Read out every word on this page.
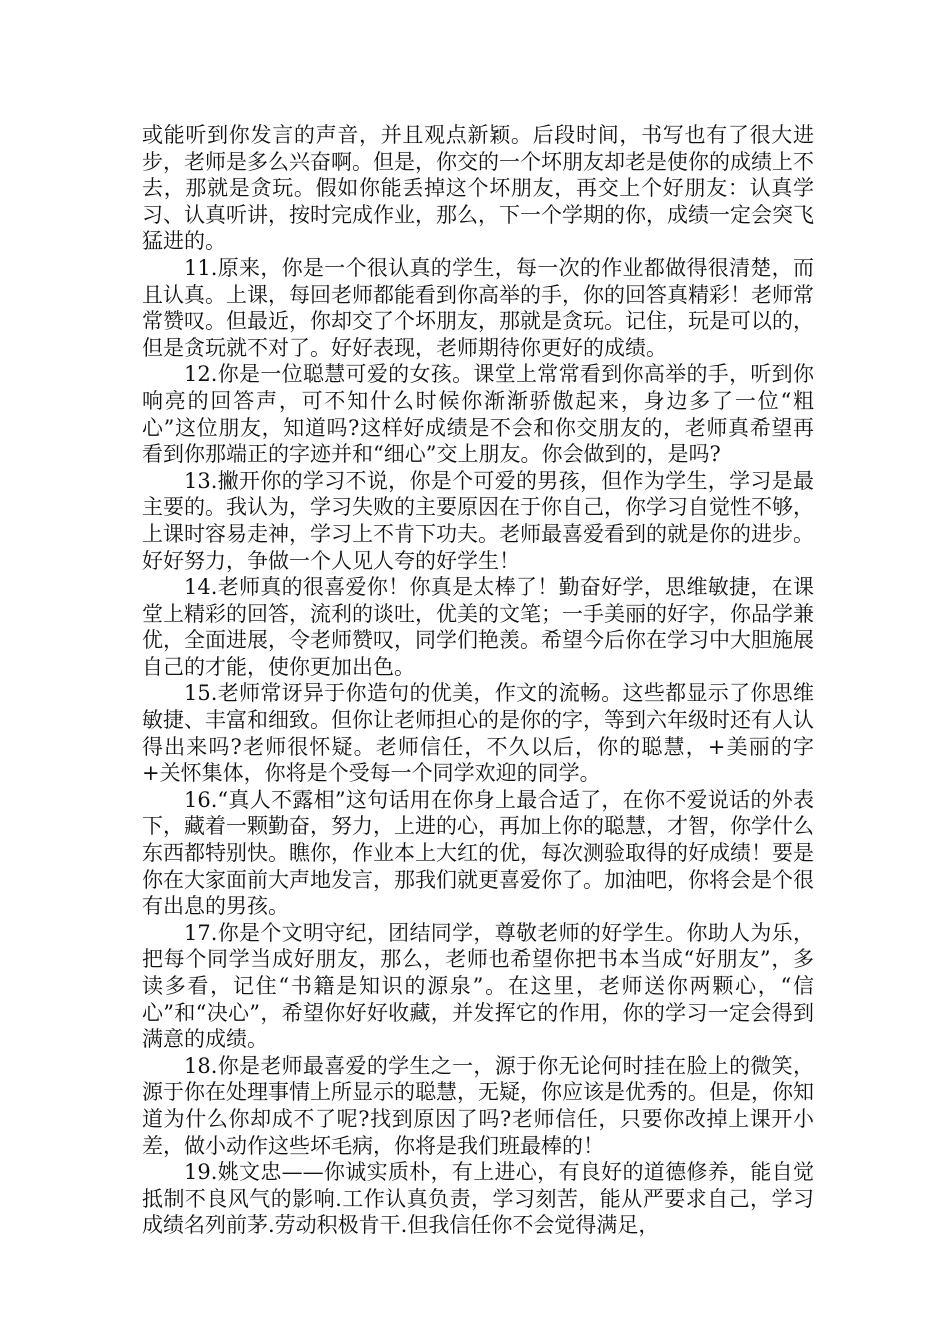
或能听到你发言的声音，并且观点新颖。后段时间，书写也有了很大进步，老师是多么兴奋啊。但是，你交的一个坏朋友却老是使你的成绩上不去，那就是贪玩。假如你能丢掉这个坏朋友，再交上个好朋友：认真学习、认真听讲，按时完成作业，那么，下一个学期的你，成绩一定会突飞猛进的。

11.原来，你是一个很认真的学生，每一次的作业都做得很清楚，而且认真。上课，每回老师都能看到你高举的手，你的回答真精彩！老师常常赞叹。但最近，你却交了个坏朋友，那就是贪玩。记住，玩是可以的，但是贪玩就不对了。好好表现，老师期待你更好的成绩。

12.你是一位聪慧可爱的女孩。课堂上常常看到你高举的手，听到你响亮的回答声，可不知什么时候你渐渐骄傲起来，身边多了一位“粗心”这位朋友，知道吗?这样好成绩是不会和你交朋友的，老师真希望再看到你那端正的字迹并和“细心”交上朋友。你会做到的，是吗?

13.撇开你的学习不说，你是个可爱的男孩，但作为学生，学习是最主要的。我认为，学习失败的主要原因在于你自己，你学习自觉性不够，上课时容易走神，学习上不肯下功夫。老师最喜爱看到的就是你的进步。好好努力，争做一个人见人夸的好学生！

14.老师真的很喜爱你！你真是太棒了！勤奋好学，思维敏捷，在课堂上精彩的回答，流利的谈吐，优美的文笔；一手美丽的好字，你品学兼优，全面进展，令老师赞叹，同学们艳羡。希望今后你在学习中大胆施展自己的才能，使你更加出色。

15.老师常讶异于你造句的优美，作文的流畅。这些都显示了你思维敏捷、丰富和细致。但你让老师担心的是你的字，等到六年级时还有人认得出来吗?老师很怀疑。老师信任，不久以后，你的聪慧，+美丽的字+关怀集体，你将是个受每一个同学欢迎的同学。

16.“真人不露相”这句话用在你身上最合适了，在你不爱说话的外表下，藏着一颗勤奋，努力，上进的心，再加上你的聪慧，才智，你学什么东西都特别快。瞧你，作业本上大红的优，每次测验取得的好成绩！要是你在大家面前大声地发言，那我们就更喜爱你了。加油吧，你将会是个很有出息的男孩。

17.你是个文明守纪，团结同学，尊敬老师的好学生。你助人为乐，把每个同学当成好朋友，那么，老师也希望你把书本当成“好朋友”，多读多看，记住“书籍是知识的源泉”。在这里，老师送你两颗心，“信心”和“决心”，希望你好好收藏，并发挥它的作用，你的学习一定会得到满意的成绩。

18.你是老师最喜爱的学生之一，源于你无论何时挂在脸上的微笑，源于你在处理事情上所显示的聪慧，无疑，你应该是优秀的。但是，你知道为什么你却成不了呢?找到原因了吗?老师信任，只要你改掉上课开小差，做小动作这些坏毛病，你将是我们班最棒的！

19.姚文忠——你诚实质朴，有上进心，有良好的道德修养，能自觉抵制不良风气的影响.工作认真负责，学习刻苦，能从严要求自己，学习成绩名列前茅.劳动积极肯干.但我信任你不会觉得满足，
